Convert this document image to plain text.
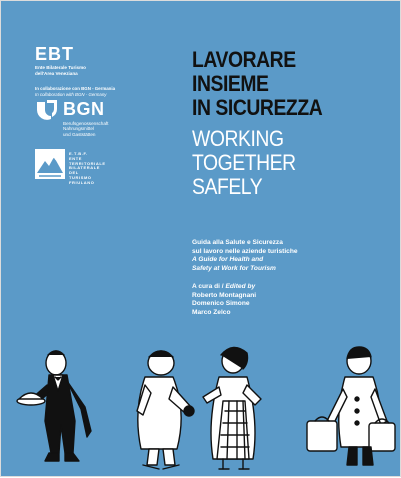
EBT
Ente Bilaterale Turismo
dell'Area Veneziana
In collaborazione con BGN - Germania
In collaboration with BGN - Germany
BGN
Berufsgenossenschaft
Nahrungsmittel
und Gaststätten
E.T.B.F.
ENTE
TERRITORIALE
BILATERALE
DEL
TURISMO
FRIULANO
LAVORARE
INSIEME
IN SICUREZZA
WORKING
TOGETHER
SAFELY
Guida alla Salute e Sicurezza
sul lavoro nelle aziende turistiche
A Guide for Health and
Safety at Work for Tourism
A cura di / Edited by
Roberto Montagnani
Domenico Simone
Marco Zelco
